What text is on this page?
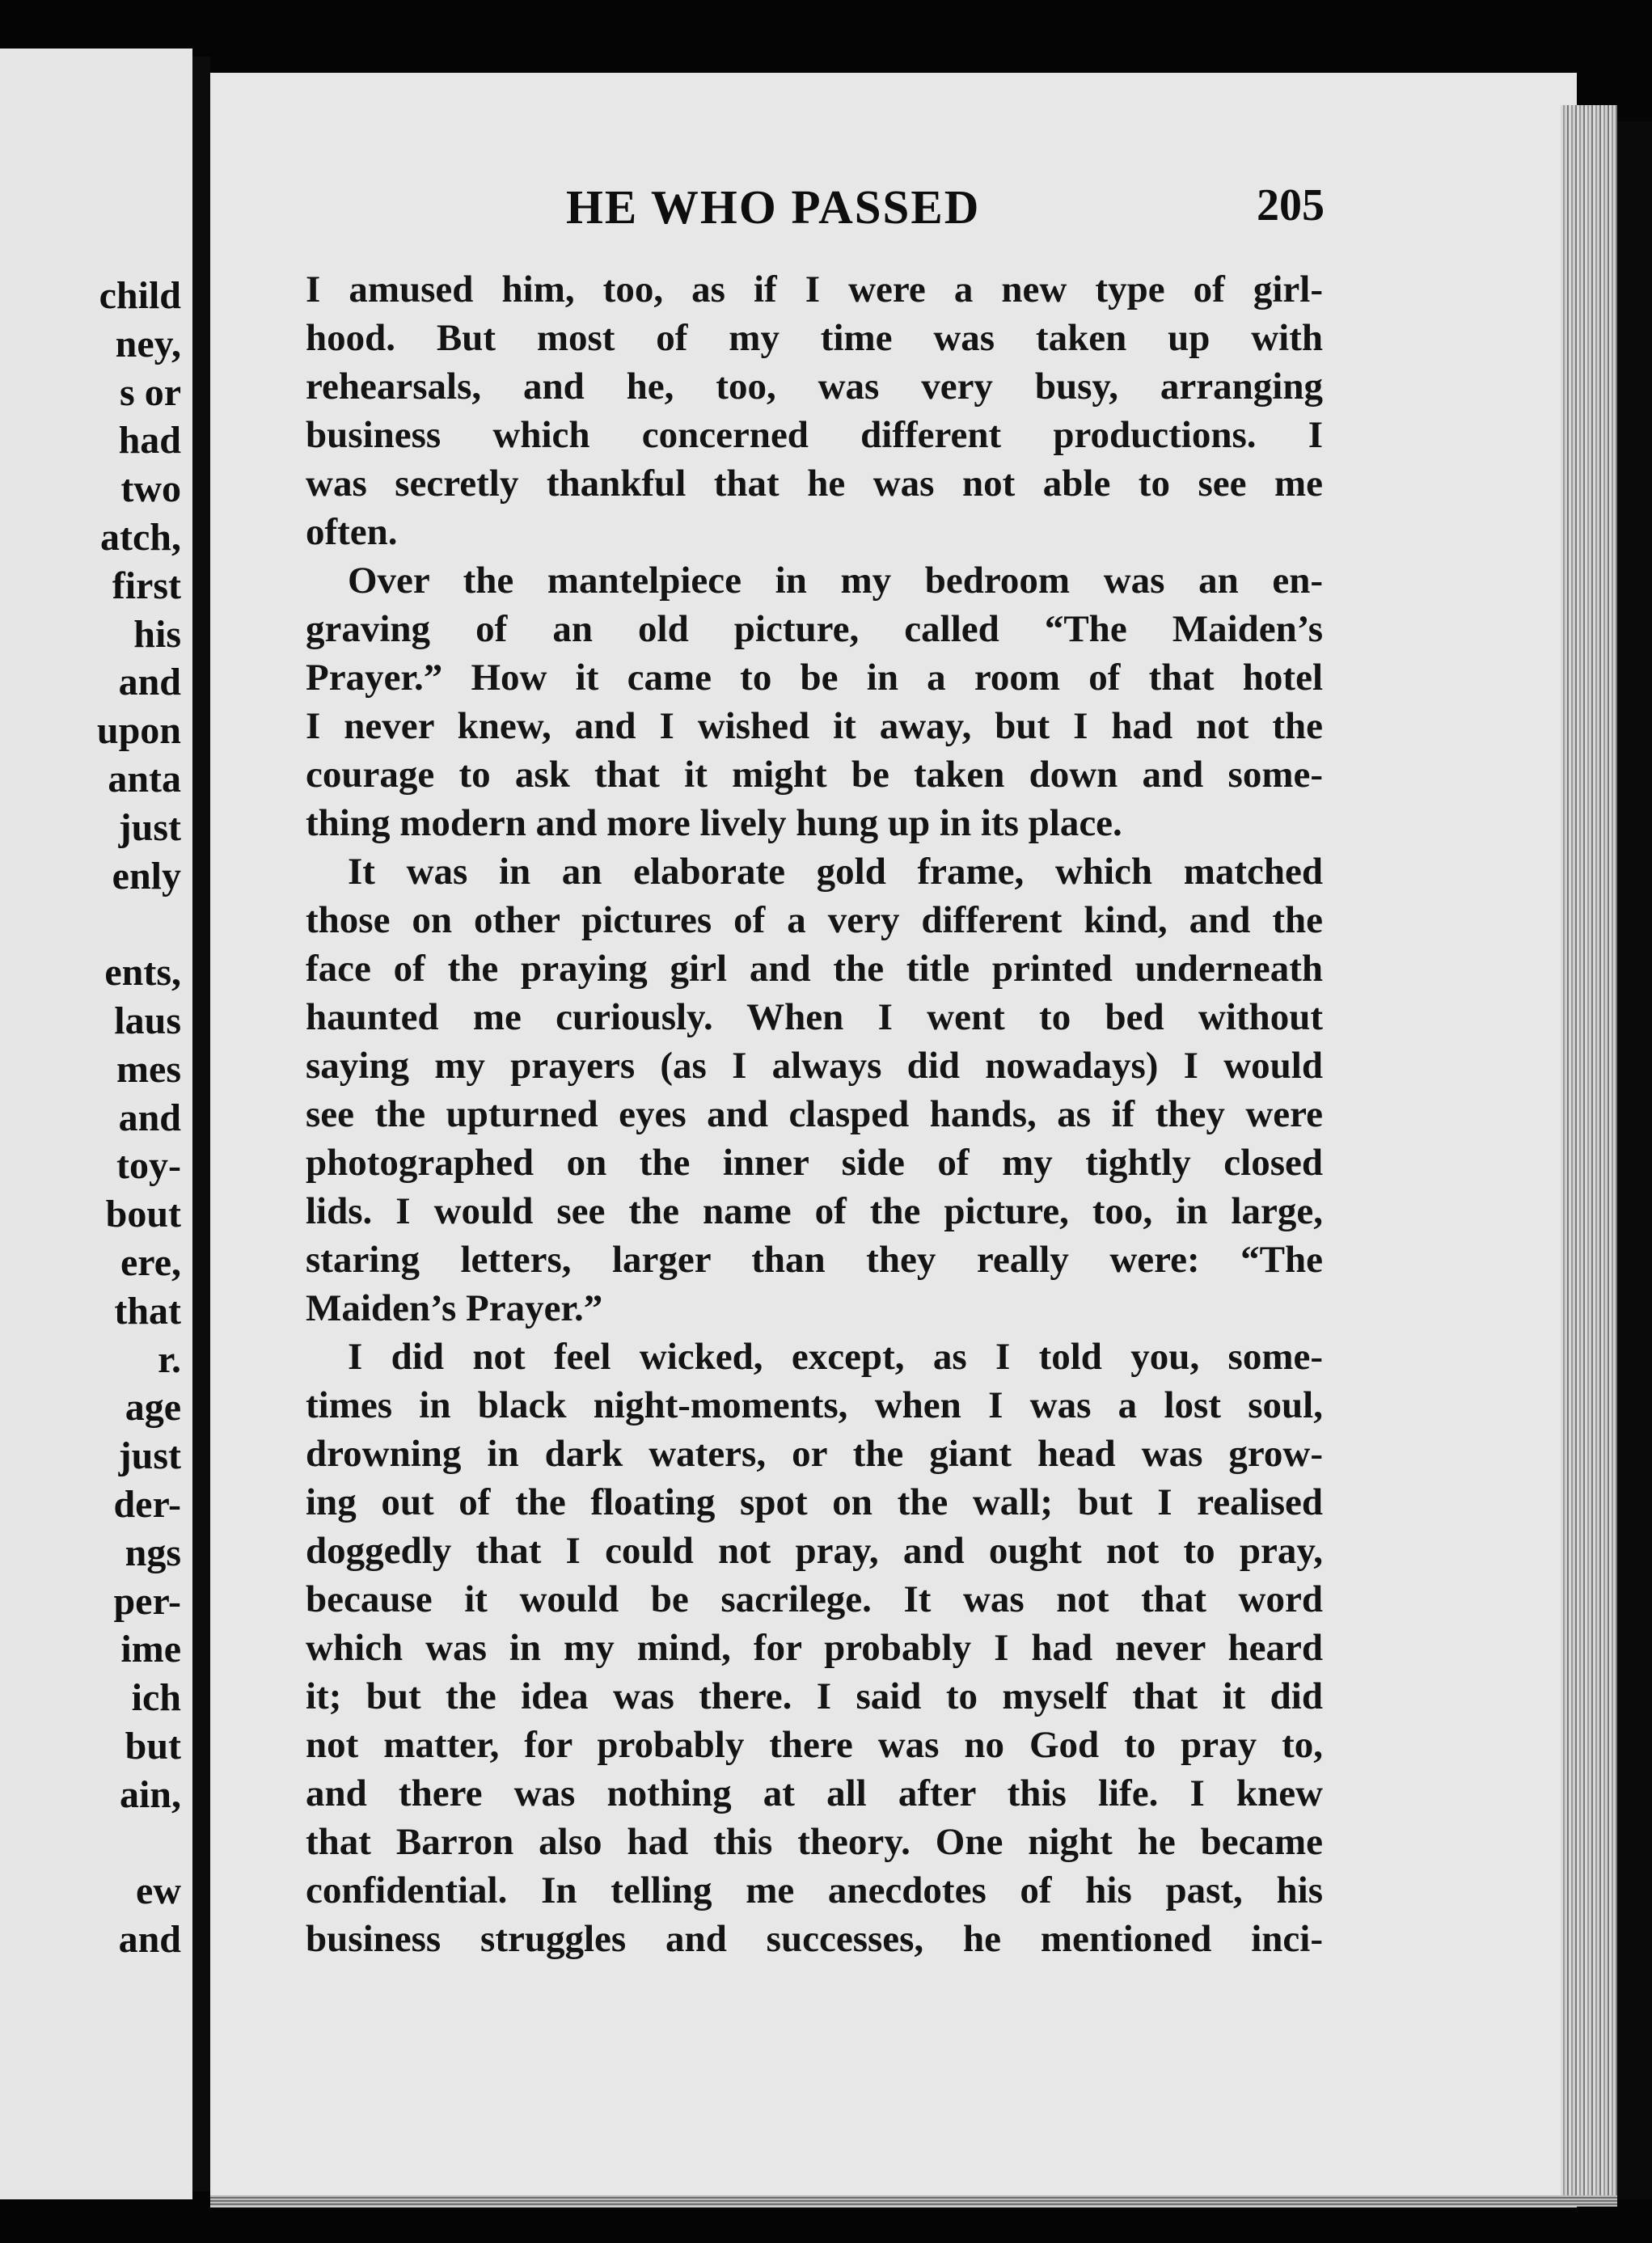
child
ney,
s or
had
two
atch,
first
his
and
upon
anta
just
enly
ents,
laus
mes
and
toy-
bout
ere,
that
r.
age
just
der-
ngs
per-
ime
ich
but
ain,
ew
and
HE WHO PASSED	205
I amused him, too, as if I were a new type of girl-
hood. But most of my time was taken up with
rehearsals, and he, too, was very busy, arranging
business which concerned different productions. I
was secretly thankful that he was not able to see me
often.
Over the mantelpiece in my bedroom was an en-
graving of an old picture, called “The Maiden’s
Prayer.” How it came to be in a room of that hotel
I never knew, and I wished it away, but I had not the
courage to ask that it might be taken down and some-
thing modern and more lively hung up in its place.
It was in an elaborate gold frame, which matched
those on other pictures of a very different kind, and the
face of the praying girl and the title printed underneath
haunted me curiously. When I went to bed without
saying my prayers (as I always did nowadays) I would
see the upturned eyes and clasped hands, as if they were
photographed on the inner side of my tightly closed
lids. I would see the name of the picture, too, in large,
staring letters, larger than they really were: “The
Maiden’s Prayer.”
I did not feel wicked, except, as I told you, some-
times in black night-moments, when I was a lost soul,
drowning in dark waters, or the giant head was grow-
ing out of the floating spot on the wall; but I realised
doggedly that I could not pray, and ought not to pray,
because it would be sacrilege. It was not that word
which was in my mind, for probably I had never heard
it; but the idea was there. I said to myself that it did
not matter, for probably there was no God to pray to,
and there was nothing at all after this life. I knew
that Barron also had this theory. One night he became
confidential. In telling me anecdotes of his past, his
business struggles and successes, he mentioned inci-
